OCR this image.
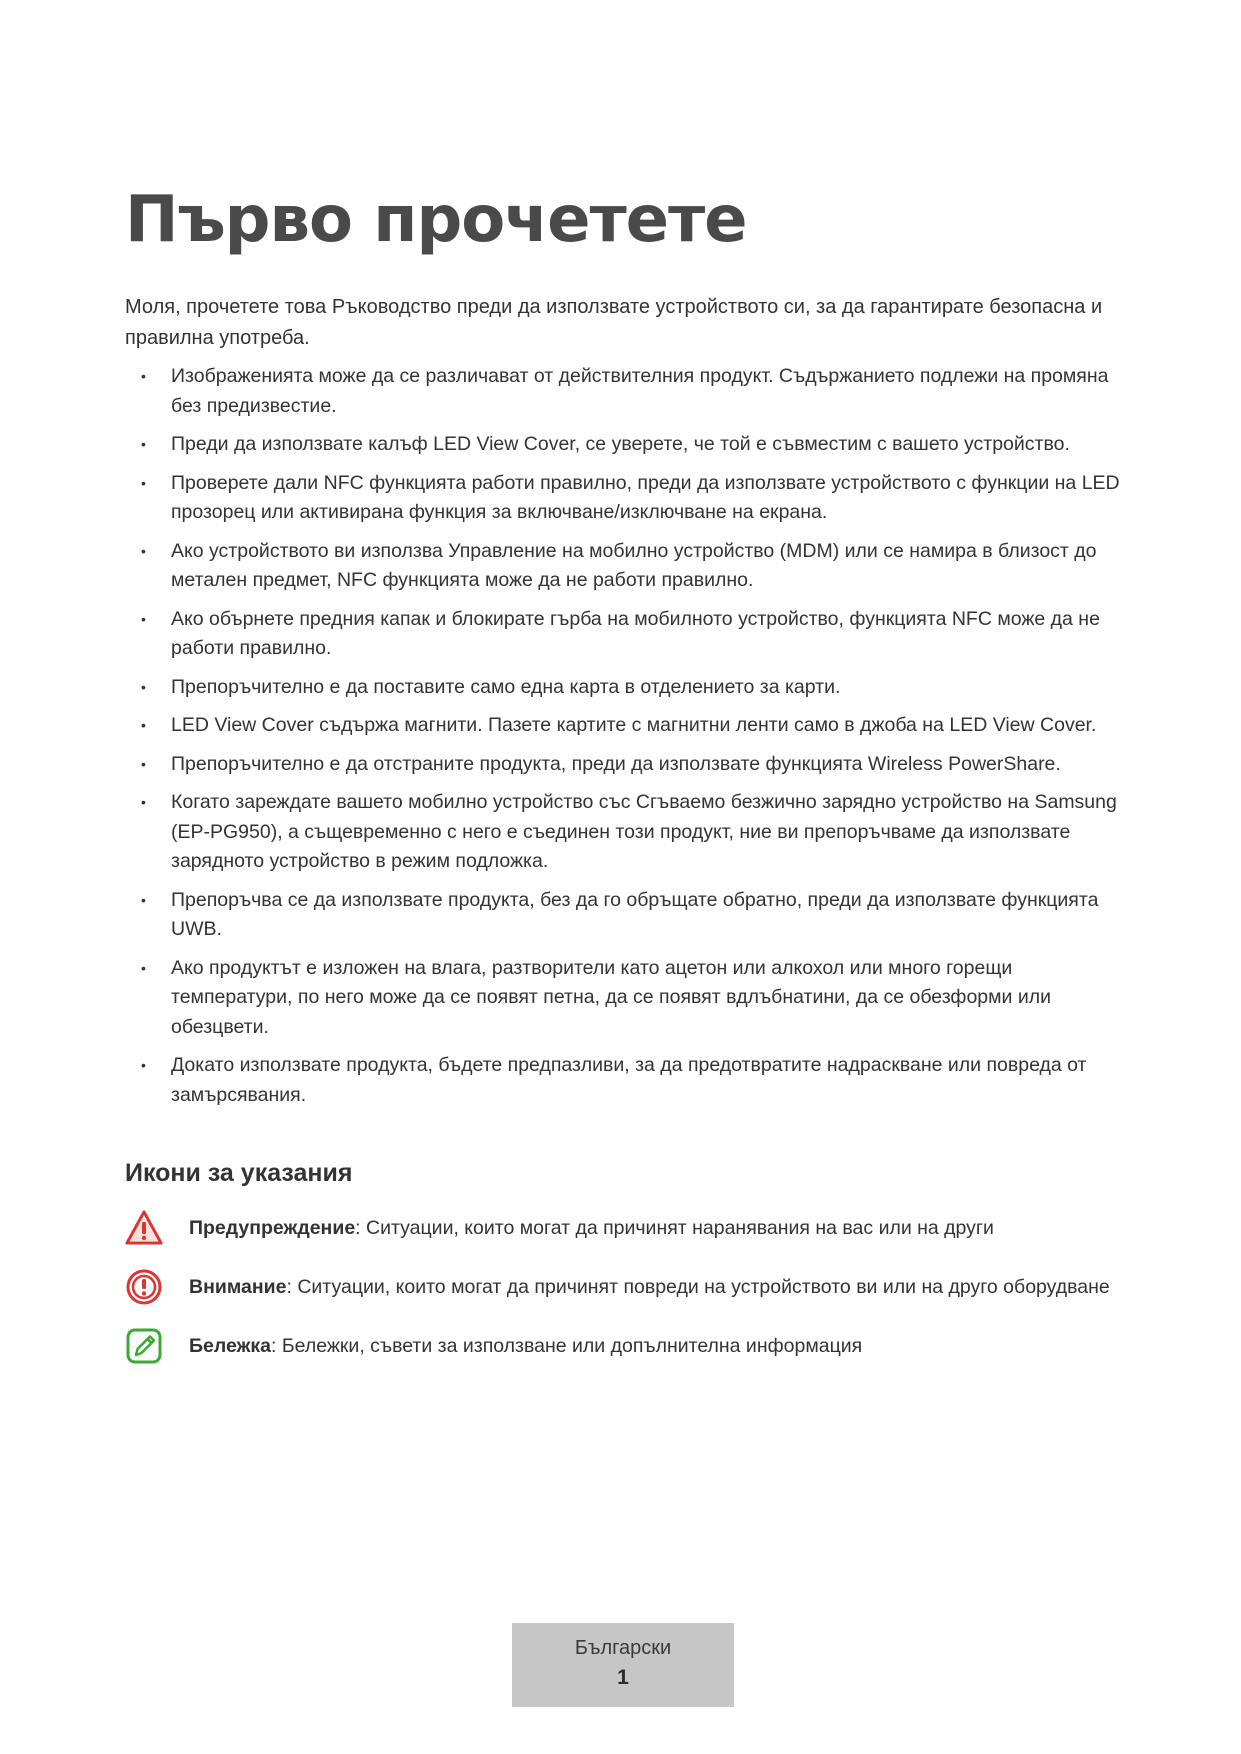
Първо прочетете

Моля, прочетете това Ръководство преди да използвате устройството си, за да гарантирате безопасна и правилна употреба.

• Изображенията може да се различават от действителния продукт. Съдържанието подлежи на промяна без предизвестие.
• Преди да използвате калъф LED View Cover, се уверете, че той е съвместим с вашето устройство.
• Проверете дали NFC функцията работи правилно, преди да използвате устройството с функции на LED прозорец или активирана функция за включване/изключване на екрана.
• Ако устройството ви използва Управление на мобилно устройство (MDM) или се намира в близост до метален предмет, NFC функцията може да не работи правилно.
• Ако обърнете предния капак и блокирате гърба на мобилното устройство, функцията NFC може да не работи правилно.
• Препоръчително е да поставите само една карта в отделението за карти.
• LED View Cover съдържа магнити. Пазете картите с магнитни ленти само в джоба на LED View Cover.
• Препоръчително е да отстраните продукта, преди да използвате функцията Wireless PowerShare.
• Когато зареждате вашето мобилно устройство със Сгъваемо безжично зарядно устройство на Samsung (EP-PG950), а същевременно с него е съединен този продукт, ние ви препоръчваме да използвате зарядното устройство в режим подложка.
• Препоръчва се да използвате продукта, без да го обръщате обратно, преди да използвате функцията UWB.
• Ако продуктът е изложен на влага, разтворители като ацетон или алкохол или много горещи температури, по него може да се появят петна, да се появят вдлъбнатини, да се обезформи или обезцвети.
• Докато използвате продукта, бъдете предпазливи, за да предотвратите надраскване или повреда от замърсявания.
Икони за указания
Предупреждение: Ситуации, които могат да причинят наранявания на вас или на други
Внимание: Ситуации, които могат да причинят повреди на устройството ви или на друго оборудване
Бележка: Бележки, съвети за използване или допълнителна информация
Български
1
